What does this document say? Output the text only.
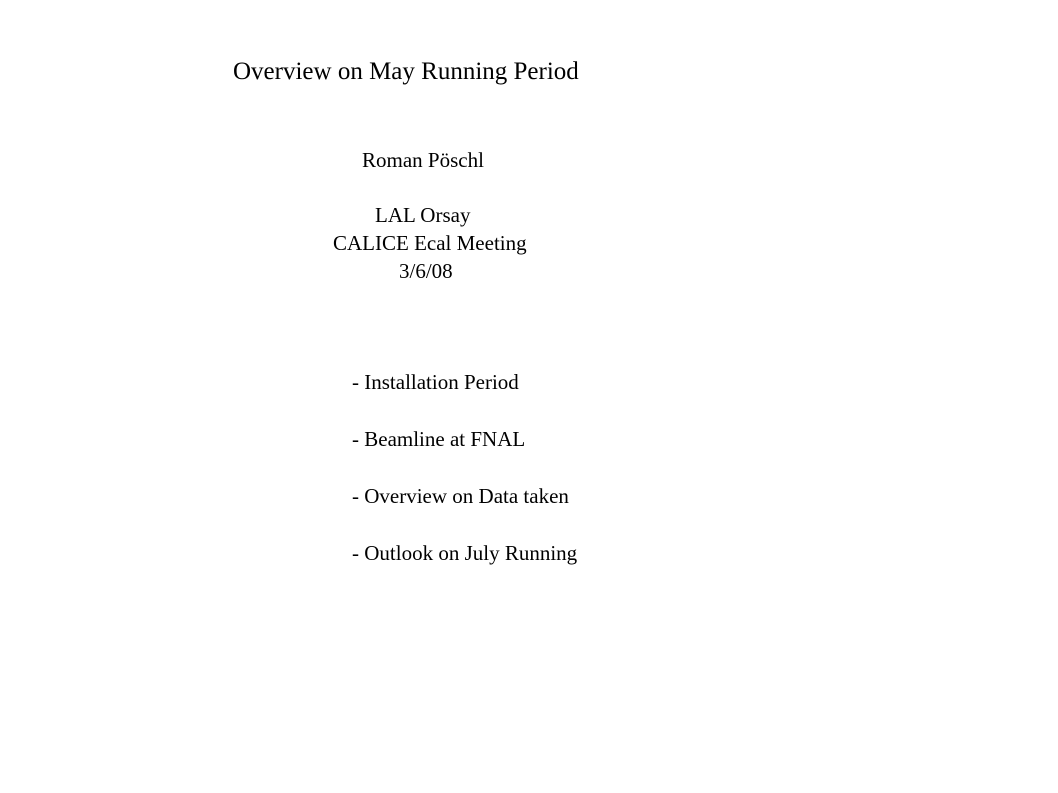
Overview on May Running Period
Roman Pöschl
LAL Orsay
CALICE Ecal Meeting
3/6/08
- Installation Period
- Beamline at FNAL
- Overview on Data taken
- Outlook on July Running
